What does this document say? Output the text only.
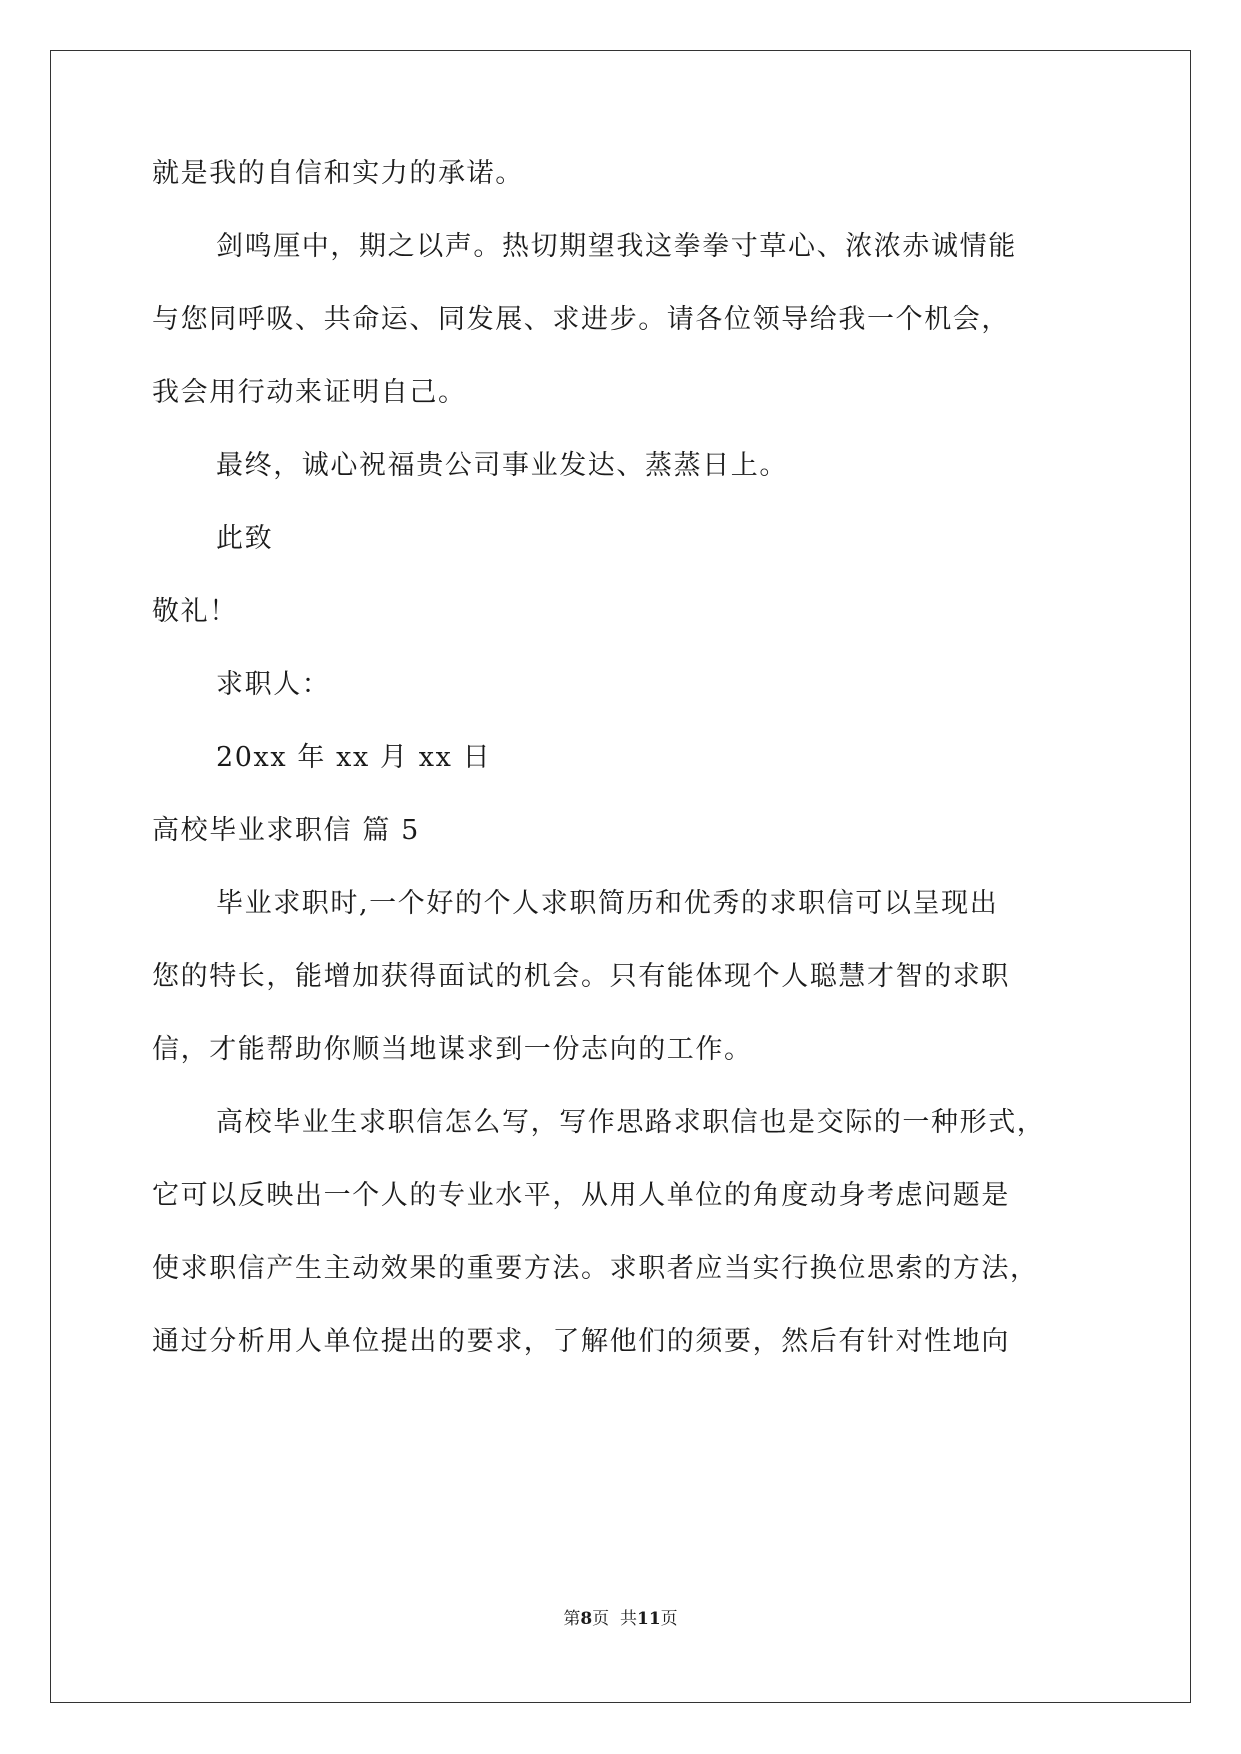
就是我的自信和实力的承诺。
剑鸣厘中，期之以声。热切期望我这拳拳寸草心、浓浓赤诚情能
与您同呼吸、共命运、同发展、求进步。请各位领导给我一个机会，
我会用行动来证明自己。
最终，诚心祝福贵公司事业发达、蒸蒸日上。
此致
敬礼！
求职人：
20xx 年 xx 月 xx 日
高校毕业求职信 篇 5
毕业求职时,一个好的个人求职简历和优秀的求职信可以呈现出
您的特长，能增加获得面试的机会。只有能体现个人聪慧才智的求职
信，才能帮助你顺当地谋求到一份志向的工作。
高校毕业生求职信怎么写，写作思路求职信也是交际的一种形式，
它可以反映出一个人的专业水平，从用人单位的角度动身考虑问题是
使求职信产生主动效果的重要方法。求职者应当实行换位思索的方法，
通过分析用人单位提出的要求，了解他们的须要，然后有针对性地向
第8页  共11页
